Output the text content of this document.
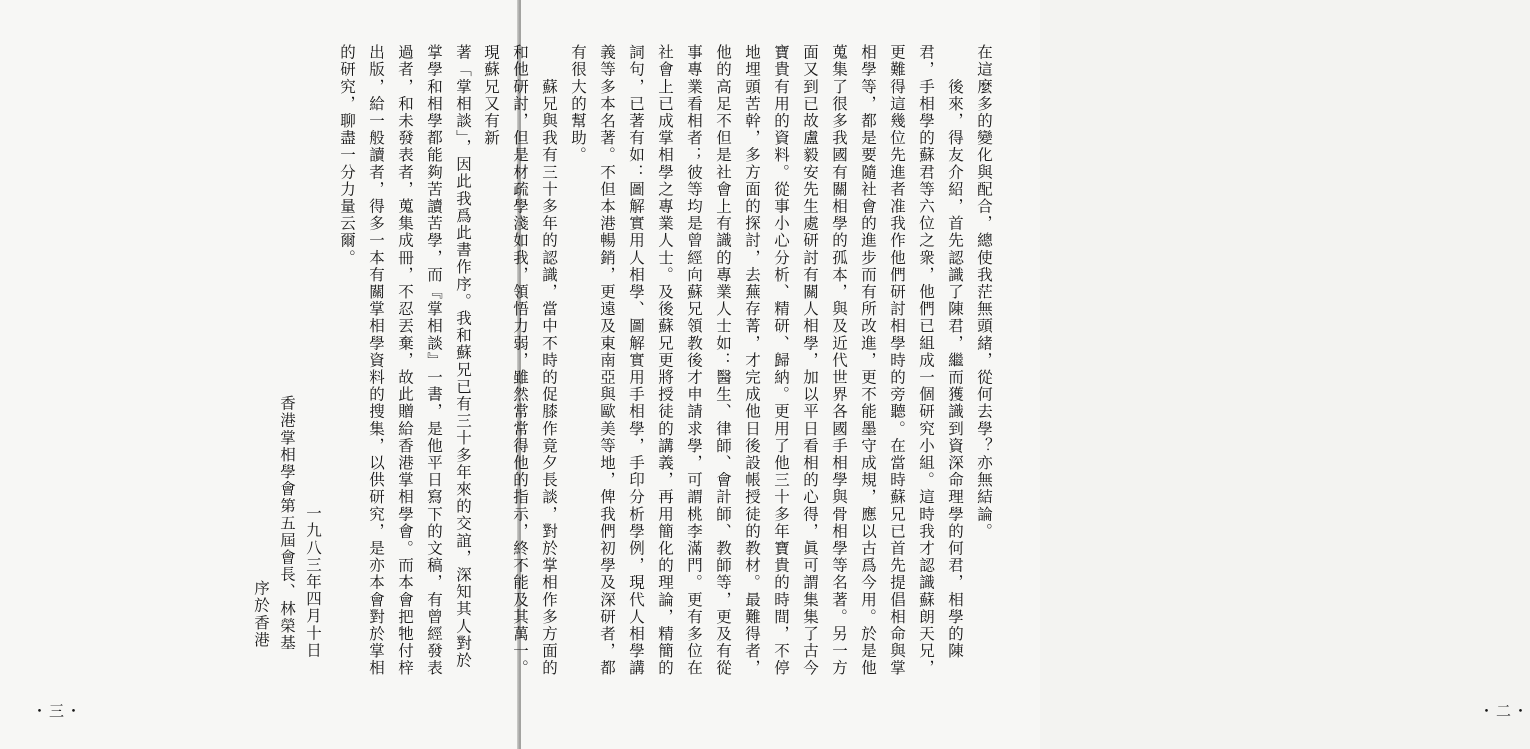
著「掌相談」，因此我爲此書作序。我和蘇兄已有三十多年來的交誼，深知其人對於掌學和相學都能夠苦讀苦學，而『掌相談』一書，是他平日寫下的文稿，有曾經發表過者，和未發表者，蒐集成冊，不忍丟棄，故此贈給香港掌相學會。而本會把牠付梓出版，給一般讀者，得多一本有關掌相學資料的搜集，以供研究，是亦本會對於掌相的研究，聊盡一分力量云爾。
一九八三年四月十日
香港掌相學會第五屆會長、林榮基
序於香港
・三・
在這麼多的變化與配合，總使我茫無頭緒，從何去學？亦無結論。
　　後來，得友介紹，首先認識了陳君，繼而獲識到資深命理學的何君，相學的陳君，手相學的蘇君等六位之衆，他們已組成一個研究小組。這時我才認識蘇朗天兄，更難得這幾位先進者准我作他們研討相學時的旁聽。在當時蘇兄已首先提倡相命與掌相學等，都是要隨社會的進步而有所改進，更不能墨守成規，應以古爲今用。於是他蒐集了很多我國有關相學的孤本，與及近代世界各國手相學與骨相學等名著。另一方面又到已故盧毅安先生處研討有關人相學，加以平日看相的心得，眞可謂集集了古今寶貴有用的資料。從事小心分析、精研、歸納。更用了他三十多年寶貴的時間，不停地埋頭苦幹，多方面的探討，去蕪存菁，才完成他日後設帳授徒的教材。最難得者，他的高足不但是社會上有識的專業人士如：醫生、律師、會計師、教師等，更及有從事專業看相者；彼等均是曾經向蘇兄領教後才申請求學，可謂桃李滿門。更有多位在社會上已成掌相學之專業人士。及後蘇兄更將授徒的講義，再用簡化的理論，精簡的詞句，已著有如：圖解實用人相學、圖解實用手相學，手印分析學例，現代人相學講義等多本名著。不但本港暢銷，更遠及東南亞與歐美等地，俾我們初學及深研者，都有很大的幫助。
　　蘇兄與我有三十多年的認識，當中不時的促膝作竟夕長談，對於掌相作多方面的和他研討，但是材疏學淺如我，領悟力弱，雖然常常得他的指示，終不能及其萬一。現蘇兄又有新
・二・
